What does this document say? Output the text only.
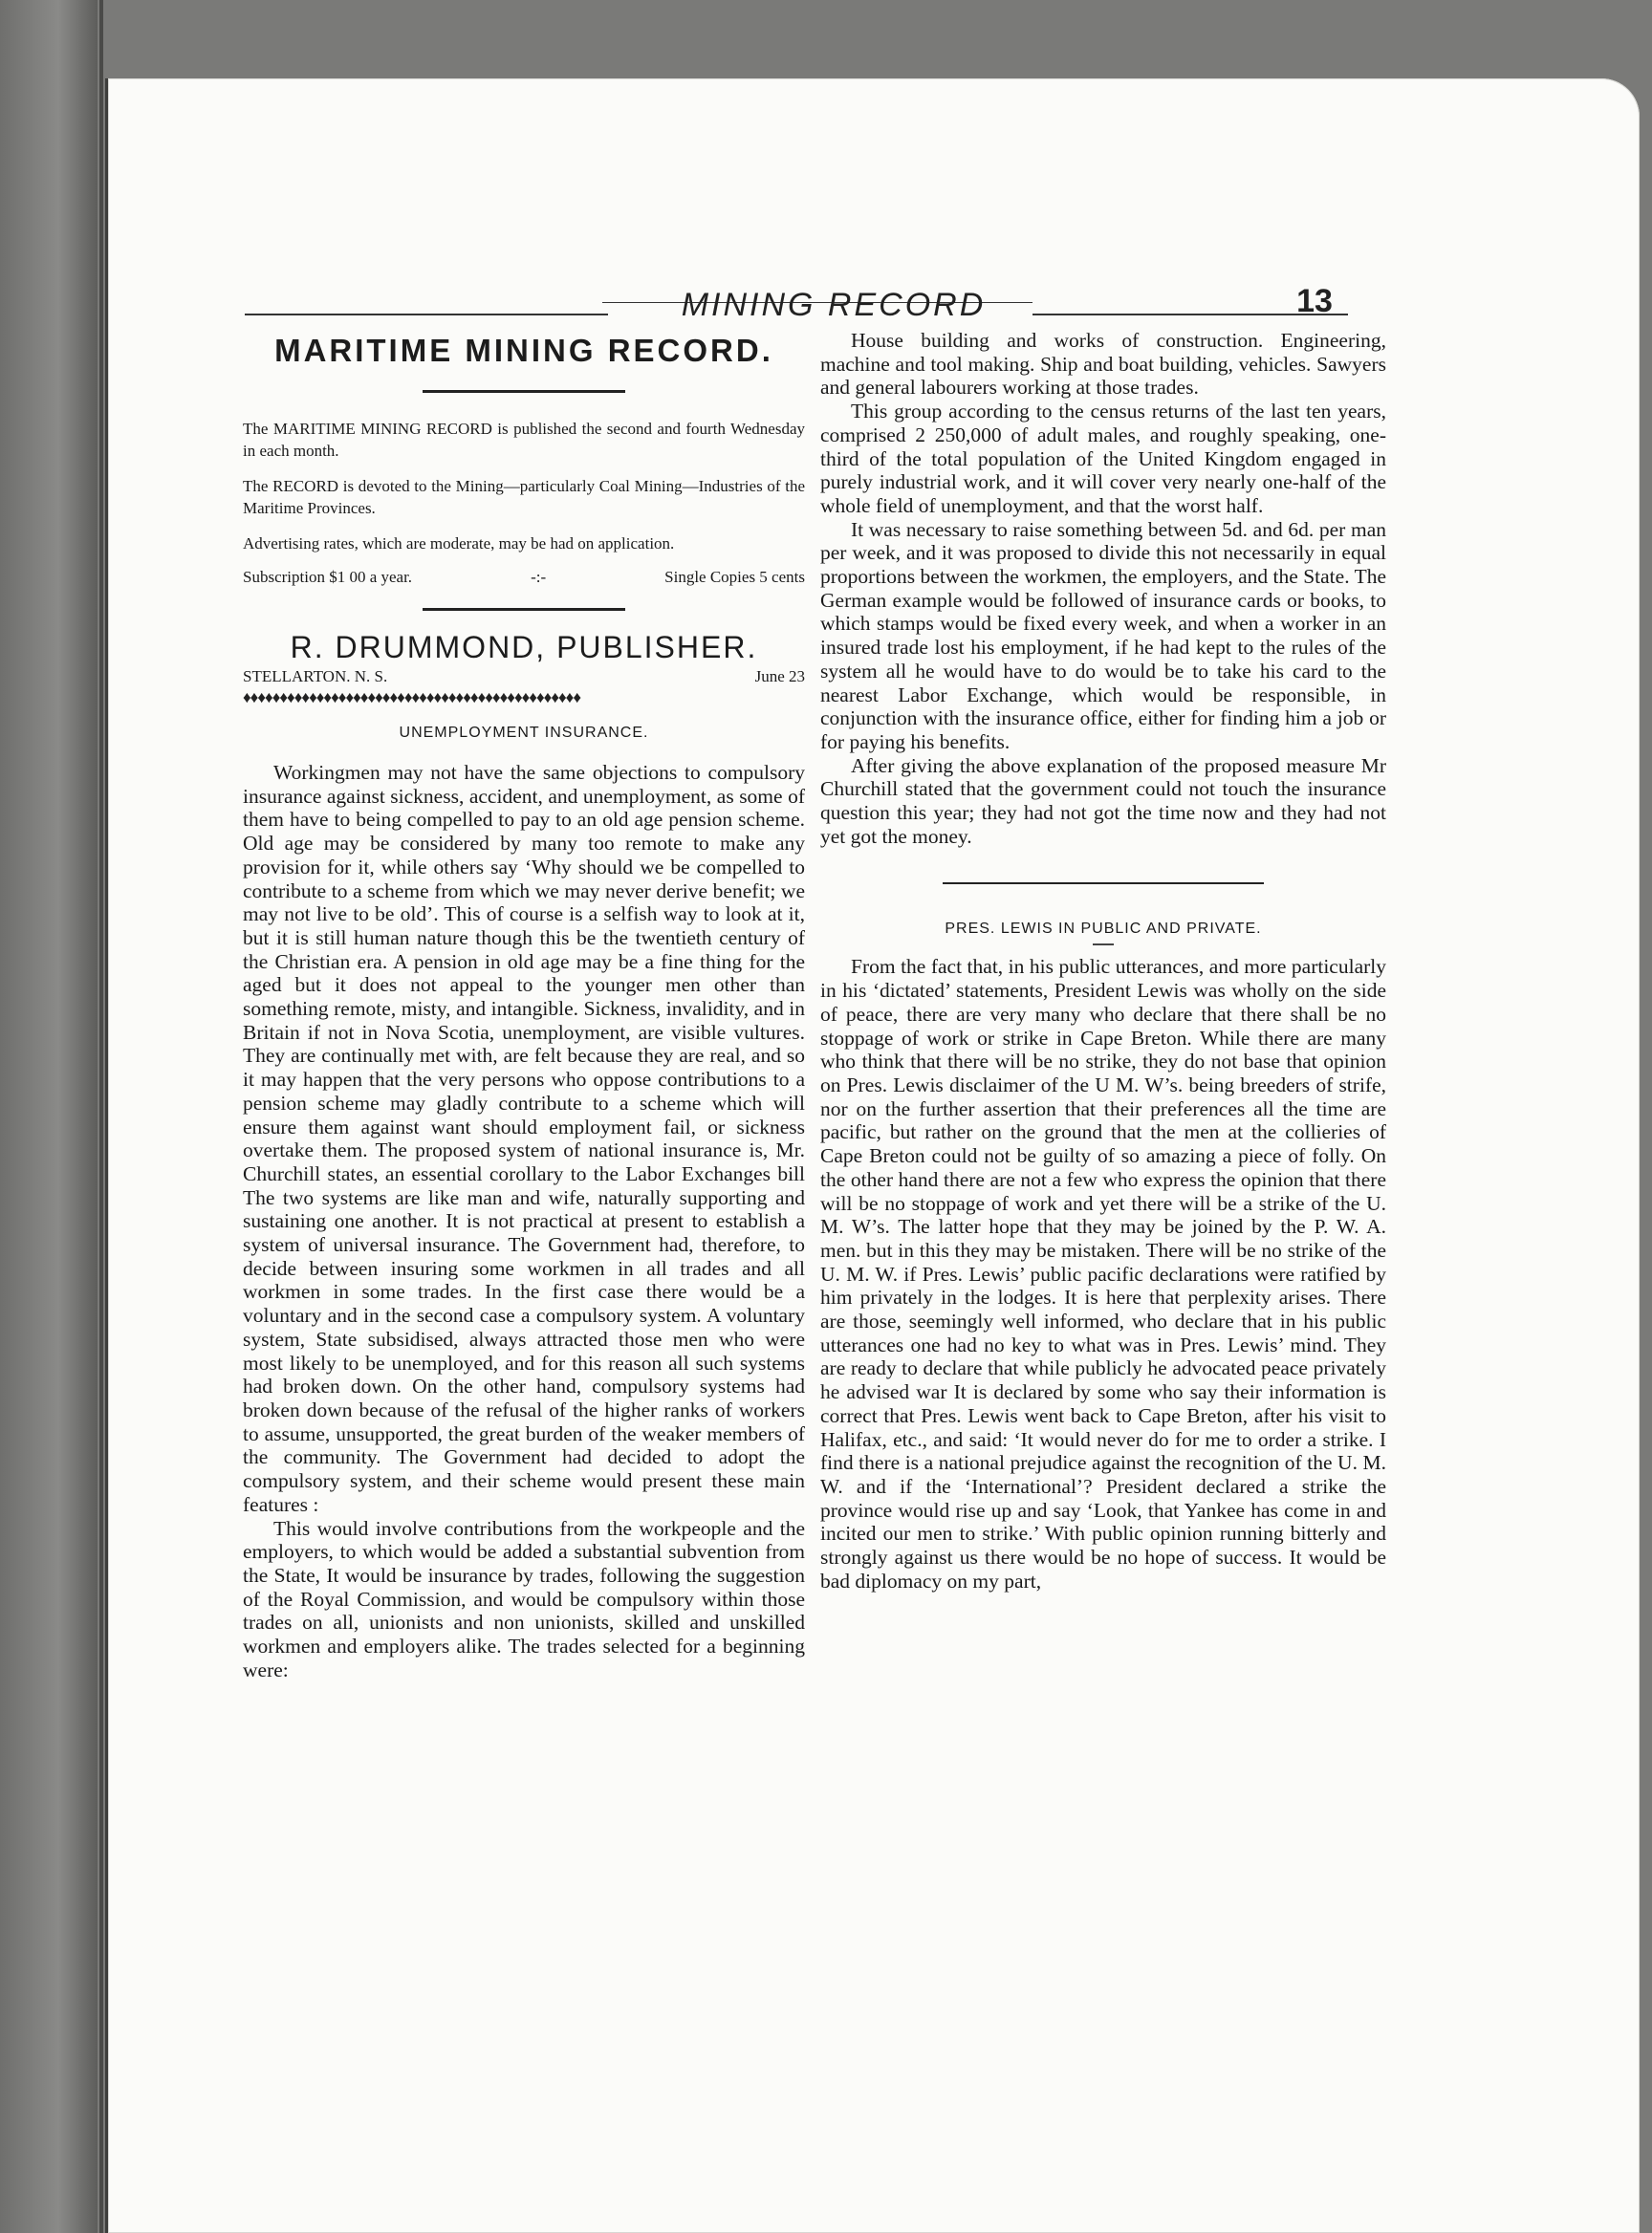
MINING RECORD	13
MARITIME MINING RECORD.

The MARITIME MINING RECORD is published the second and fourth Wednesday in each month.

The RECORD is devoted to the Mining—particularly Coal Mining—Industries of the Maritime Provinces.

Advertising rates, which are moderate, may be had on application.

Subscription $1 00 a year.	-:-	Single Copies 5 cents
R. DRUMMOND, PUBLISHER.
STELLARTON. N. S.	June 23
♦♦♦♦♦♦♦♦♦♦♦♦♦♦♦♦♦♦♦♦♦♦♦♦♦♦♦♦♦♦♦♦♦♦♦♦♦♦♦♦♦♦♦♦♦♦
UNEMPLOYMENT INSURANCE.

Workingmen may not have the same objections to compulsory insurance against sickness, accident, and unemployment, as some of them have to being compelled to pay to an old age pension scheme. Old age may be considered by many too remote to make any provision for it, while others say ‘Why should we be compelled to contribute to a scheme from which we may never derive benefit; we may not live to be old’. This of course is a selfish way to look at it, but it is still human nature though this be the twentieth century of the Christian era. A pension in old age may be a fine thing for the aged but it does not appeal to the younger men other than something remote, misty, and intangible. Sickness, invalidity, and in Britain if not in Nova Scotia, unemployment, are visible vultures. They are continually met with, are felt because they are real, and so it may happen that the very persons who oppose contributions to a pension scheme may gladly contribute to a scheme which will ensure them against want should employment fail, or sickness overtake them. The proposed system of national insurance is, Mr. Churchill states, an essential corollary to the Labor Exchanges bill The two systems are like man and wife, naturally supporting and sustaining one another. It is not practical at present to establish a system of universal insurance. The Government had, therefore, to decide between insuring some workmen in all trades and all workmen in some trades. In the first case there would be a voluntary and in the second case a compulsory system. A voluntary system, State subsidised, always attracted those men who were most likely to be unemployed, and for this reason all such systems had broken down. On the other hand, compulsory systems had broken down because of the refusal of the higher ranks of workers to assume, unsupported, the great burden of the weaker members of the community. The Government had decided to adopt the compulsory system, and their scheme would present these main features :

This would involve contributions from the workpeople and the employers, to which would be added a substantial subvention from the State, It would be insurance by trades, following the suggestion of the Royal Commission, and would be compulsory within those trades on all, unionists and non unionists, skilled and unskilled workmen and employers alike. The trades selected for a beginning were:

House building and works of construction. Engineering, machine and tool making. Ship and boat building, vehicles. Sawyers and general labourers working at those trades.

This group according to the census returns of the last ten years, comprised 2 250,000 of adult males, and roughly speaking, one-third of the total population of the United Kingdom engaged in purely industrial work, and it will cover very nearly one-half of the whole field of unemployment, and that the worst half.

It was necessary to raise something between 5d. and 6d. per man per week, and it was proposed to divide this not necessarily in equal proportions between the workmen, the employers, and the State. The German example would be followed of insurance cards or books, to which stamps would be fixed every week, and when a worker in an insured trade lost his employment, if he had kept to the rules of the system all he would have to do would be to take his card to the nearest Labor Exchange, which would be responsible, in conjunction with the insurance office, either for finding him a job or for paying his benefits.

After giving the above explanation of the proposed measure Mr Churchill stated that the government could not touch the insurance question this year; they had not got the time now and they had not yet got the money.

PRES. LEWIS IN PUBLIC AND PRIVATE.

From the fact that, in his public utterances, and more particularly in his ‘dictated’ statements, President Lewis was wholly on the side of peace, there are very many who declare that there shall be no stoppage of work or strike in Cape Breton. While there are many who think that there will be no strike, they do not base that opinion on Pres. Lewis disclaimer of the U M. W’s. being breeders of strife, nor on the further assertion that their preferences all the time are pacific, but rather on the ground that the men at the collieries of Cape Breton could not be guilty of so amazing a piece of folly. On the other hand there are not a few who express the opinion that there will be no stoppage of work and yet there will be a strike of the U. M. W’s. The latter hope that they may be joined by the P. W. A. men. but in this they may be mistaken. There will be no strike of the U. M. W. if Pres. Lewis’ public pacific declarations were ratified by him privately in the lodges. It is here that perplexity arises. There are those, seemingly well informed, who declare that in his public utterances one had no key to what was in Pres. Lewis’ mind. They are ready to declare that while publicly he advocated peace privately he advised war It is declared by some who say their information is correct that Pres. Lewis went back to Cape Breton, after his visit to Halifax, etc., and said: ‘It would never do for me to order a strike. I find there is a national prejudice against the recognition of the U. M. W. and if the ‘International’? President declared a strike the province would rise up and say ‘Look, that Yankee has come in and incited our men to strike.’ With public opinion running bitterly and strongly against us there would be no hope of success. It would be bad diplomacy on my part,
